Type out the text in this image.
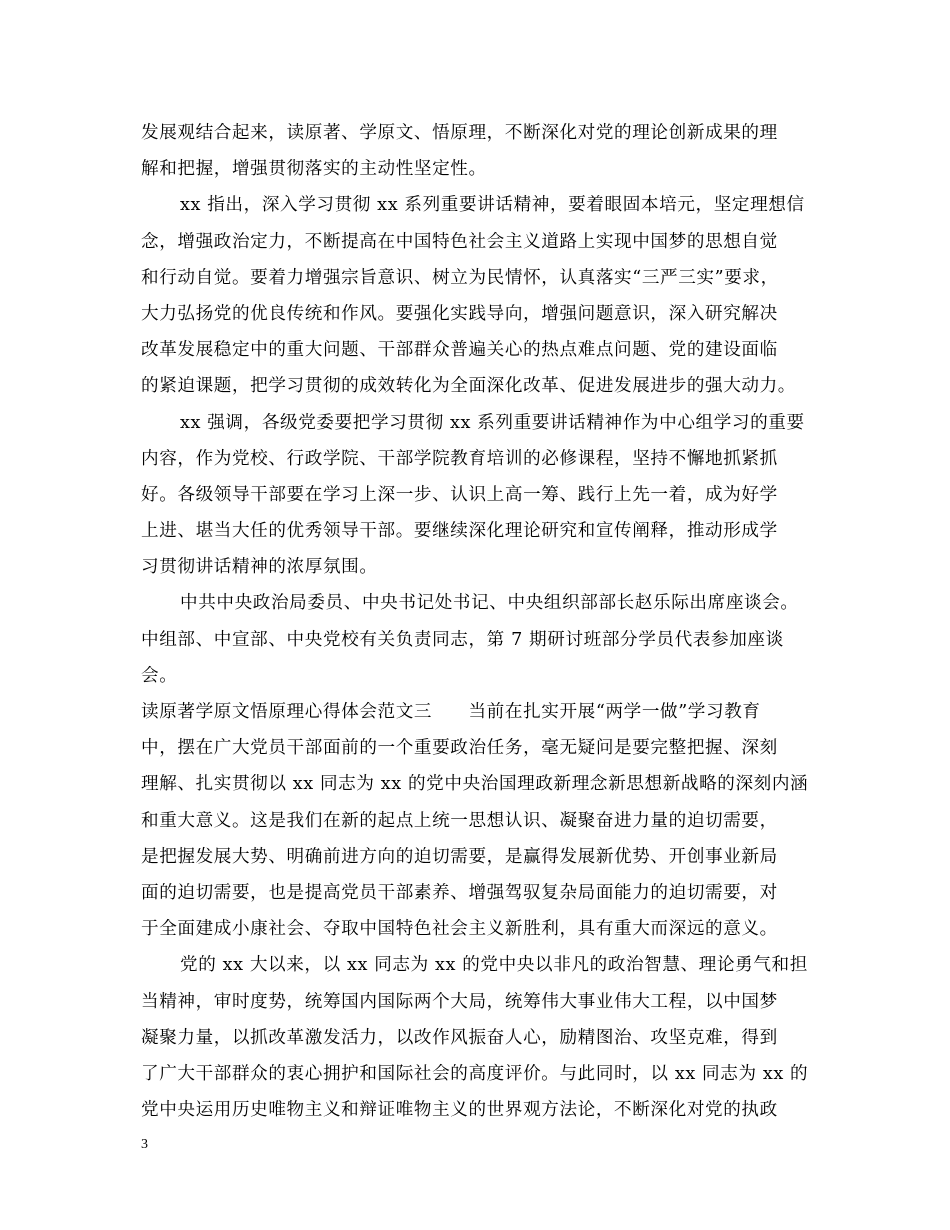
发展观结合起来，读原著、学原文、悟原理，不断深化对党的理论创新成果的理
解和把握，增强贯彻落实的主动性坚定性。
xx 指出，深入学习贯彻 xx 系列重要讲话精神，要着眼固本培元，坚定理想信
念，增强政治定力，不断提高在中国特色社会主义道路上实现中国梦的思想自觉
和行动自觉。要着力增强宗旨意识、树立为民情怀，认真落实“三严三实”要求，
大力弘扬党的优良传统和作风。要强化实践导向，增强问题意识，深入研究解决
改革发展稳定中的重大问题、干部群众普遍关心的热点难点问题、党的建设面临
的紧迫课题，把学习贯彻的成效转化为全面深化改革、促进发展进步的强大动力。
xx 强调，各级党委要把学习贯彻 xx 系列重要讲话精神作为中心组学习的重要
内容，作为党校、行政学院、干部学院教育培训的必修课程，坚持不懈地抓紧抓
好。各级领导干部要在学习上深一步、认识上高一筹、践行上先一着，成为好学
上进、堪当大任的优秀领导干部。要继续深化理论研究和宣传阐释，推动形成学
习贯彻讲话精神的浓厚氛围。
中共中央政治局委员、中央书记处书记、中央组织部部长赵乐际出席座谈会。
中组部、中宣部、中央党校有关负责同志，第 7 期研讨班部分学员代表参加座谈
会。
读原著学原文悟原理心得体会范文三　　当前在扎实开展“两学一做”学习教育
中，摆在广大党员干部面前的一个重要政治任务，毫无疑问是要完整把握、深刻
理解、扎实贯彻以 xx 同志为 xx 的党中央治国理政新理念新思想新战略的深刻内涵
和重大意义。这是我们在新的起点上统一思想认识、凝聚奋进力量的迫切需要，
是把握发展大势、明确前进方向的迫切需要，是赢得发展新优势、开创事业新局
面的迫切需要，也是提高党员干部素养、增强驾驭复杂局面能力的迫切需要，对
于全面建成小康社会、夺取中国特色社会主义新胜利，具有重大而深远的意义。
党的 xx 大以来，以 xx 同志为 xx 的党中央以非凡的政治智慧、理论勇气和担
当精神，审时度势，统筹国内国际两个大局，统筹伟大事业伟大工程，以中国梦
凝聚力量，以抓改革激发活力，以改作风振奋人心，励精图治、攻坚克难，得到
了广大干部群众的衷心拥护和国际社会的高度评价。与此同时，以 xx 同志为 xx 的
党中央运用历史唯物主义和辩证唯物主义的世界观方法论，不断深化对党的执政
3
